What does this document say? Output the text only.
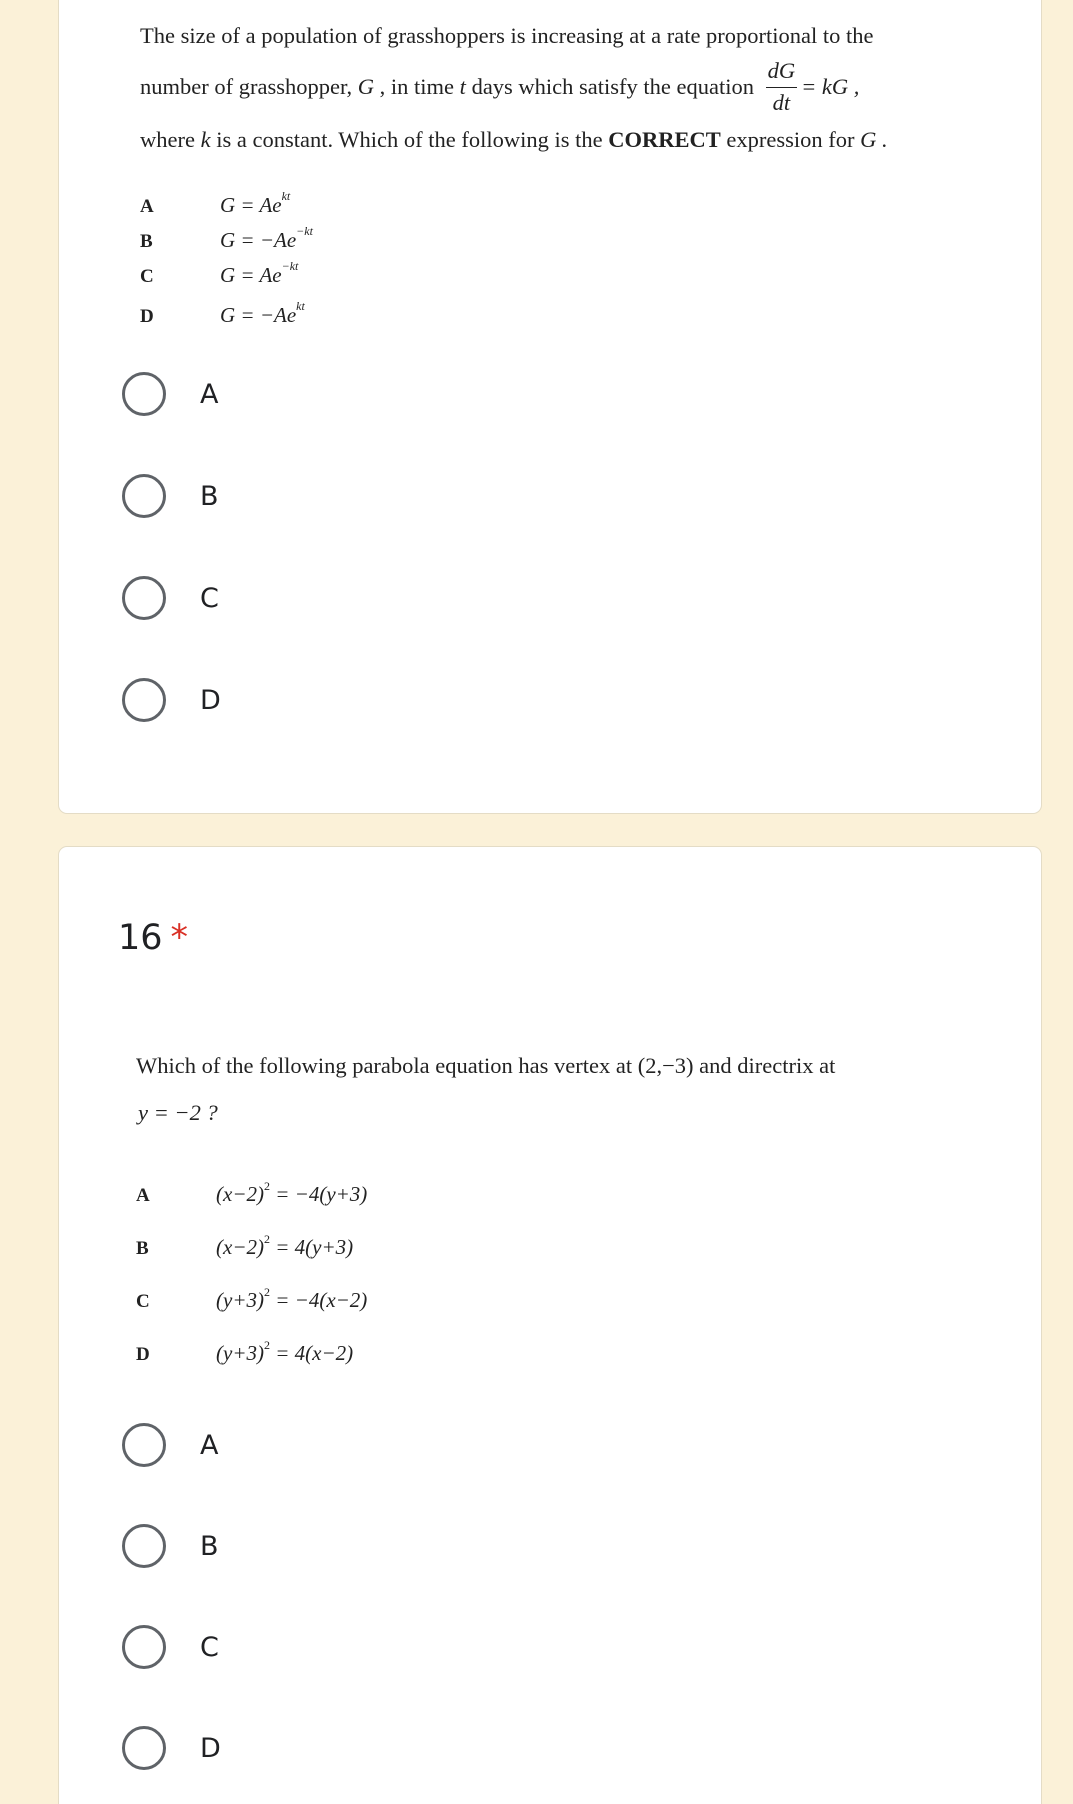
The size of a population of grasshoppers is increasing at a rate proportional to the
number of grasshopper, G , in time t days which satisfy the equation $\frac{dG}{dt}$ = kG ,
where k is a constant. Which of the following is the CORRECT expression for G .
A	$G = Ae^{kt}$
B	$G = -Ae^{-kt}$
C	$G = Ae^{-kt}$
D	$G = -Ae^{kt}$
A
B
C
D
16 *
Which of the following parabola equation has vertex at (2,−3) and directrix at
y = −2 ?
A	$(x-2)^2 = -4(y+3)$
B	$(x-2)^2 = 4(y+3)$
C	$(y+3)^2 = -4(x-2)$
D	$(y+3)^2 = 4(x-2)$
A
B
C
D
